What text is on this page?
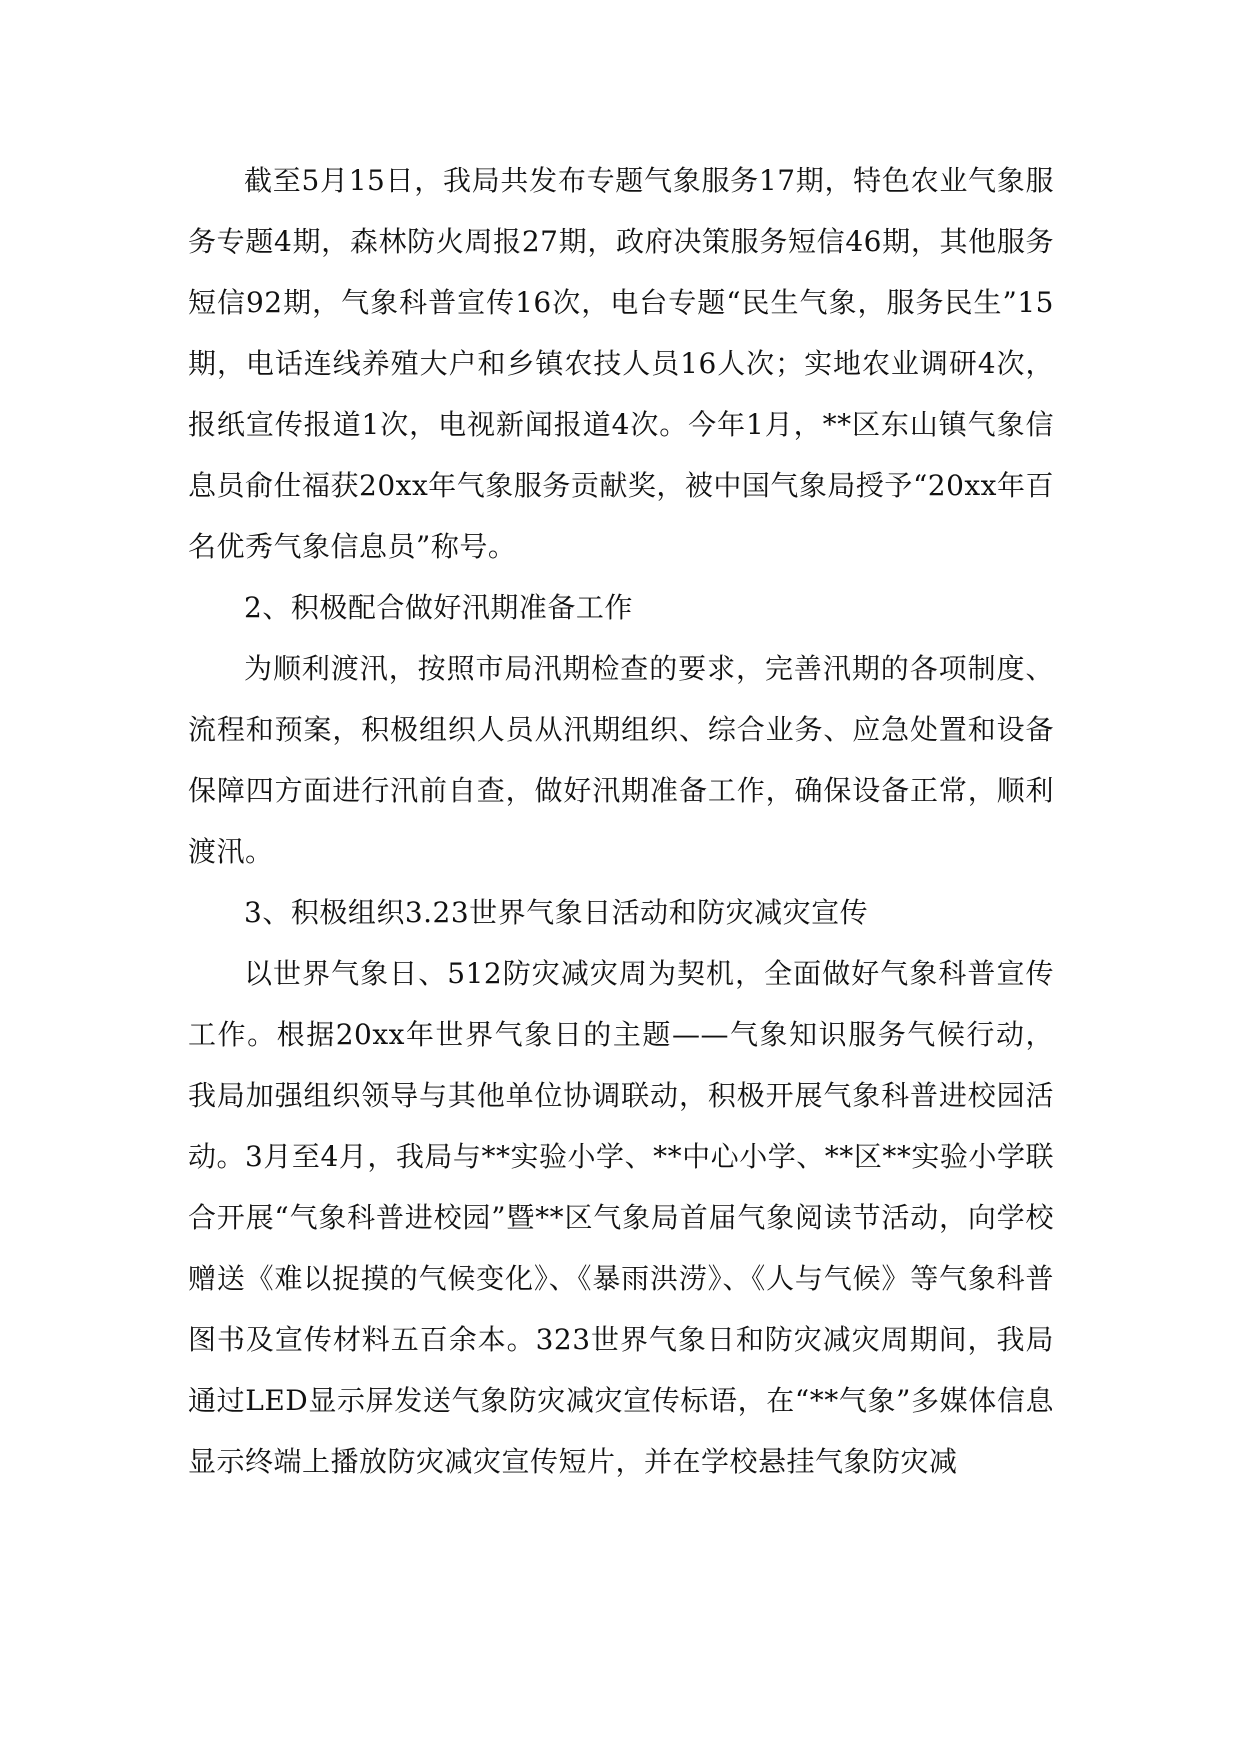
截至5月15日，我局共发布专题气象服务17期，特色农业气象服务专题4期，森林防火周报27期，政府决策服务短信46期，其他服务短信92期，气象科普宣传16次，电台专题“民生气象，服务民生”15期，电话连线养殖大户和乡镇农技人员16人次；实地农业调研4次，报纸宣传报道1次，电视新闻报道4次。今年1月，**区东山镇气象信息员俞仕福获20xx年气象服务贡献奖，被中国气象局授予“20xx年百名优秀气象信息员”称号。

2、积极配合做好汛期准备工作

为顺利渡汛，按照市局汛期检查的要求，完善汛期的各项制度、流程和预案，积极组织人员从汛期组织、综合业务、应急处置和设备保障四方面进行汛前自查，做好汛期准备工作，确保设备正常，顺利渡汛。

3、积极组织3.23世界气象日活动和防灾减灾宣传

以世界气象日、512防灾减灾周为契机，全面做好气象科普宣传工作。根据20xx年世界气象日的主题——气象知识服务气候行动，我局加强组织领导与其他单位协调联动，积极开展气象科普进校园活动。3月至4月，我局与**实验小学、**中心小学、**区**实验小学联合开展“气象科普进校园”暨**区气象局首届气象阅读节活动，向学校赠送《难以捉摸的气候变化》、《暴雨洪涝》、《人与气候》等气象科普图书及宣传材料五百余本。323世界气象日和防灾减灾周期间，我局通过LED显示屏发送气象防灾减灾宣传标语，在“**气象”多媒体信息显示终端上播放防灾减灾宣传短片，并在学校悬挂气象防灾减
